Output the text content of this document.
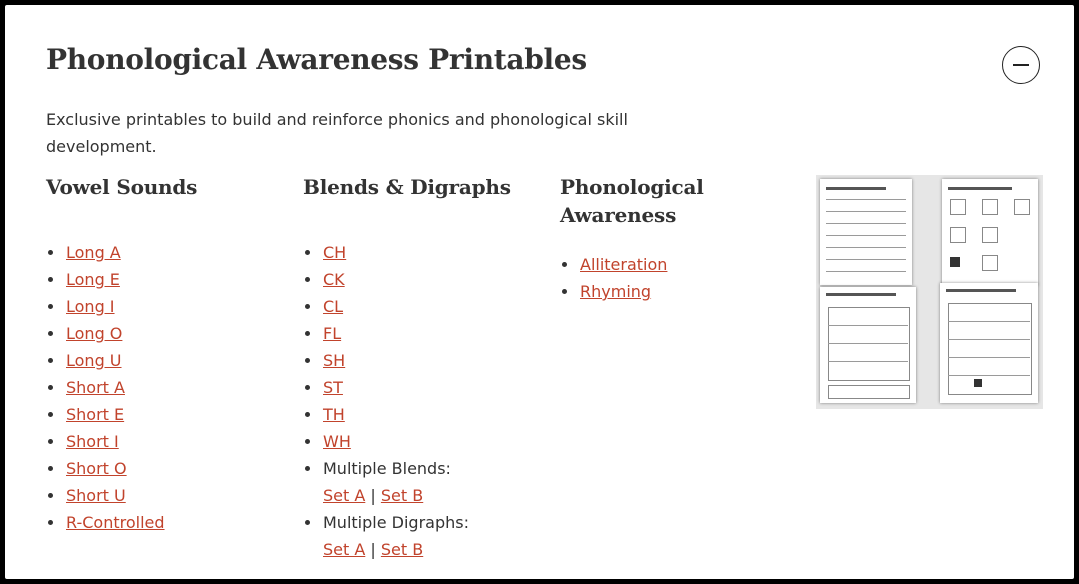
Phonological Awareness Printables

Exclusive printables to build and reinforce phonics and phonological skill development.

Vowel Sounds
Long A
Long E
Long I
Long O
Long U
Short A
Short E
Short I
Short O
Short U
R-Controlled
Blends & Digraphs
CH
CK
CL
FL
SH
ST
TH
WH
Multiple Blends:
Set A | Set B
Multiple Digraphs:
Set A | Set B
Phonological Awareness
Alliteration
Rhyming
